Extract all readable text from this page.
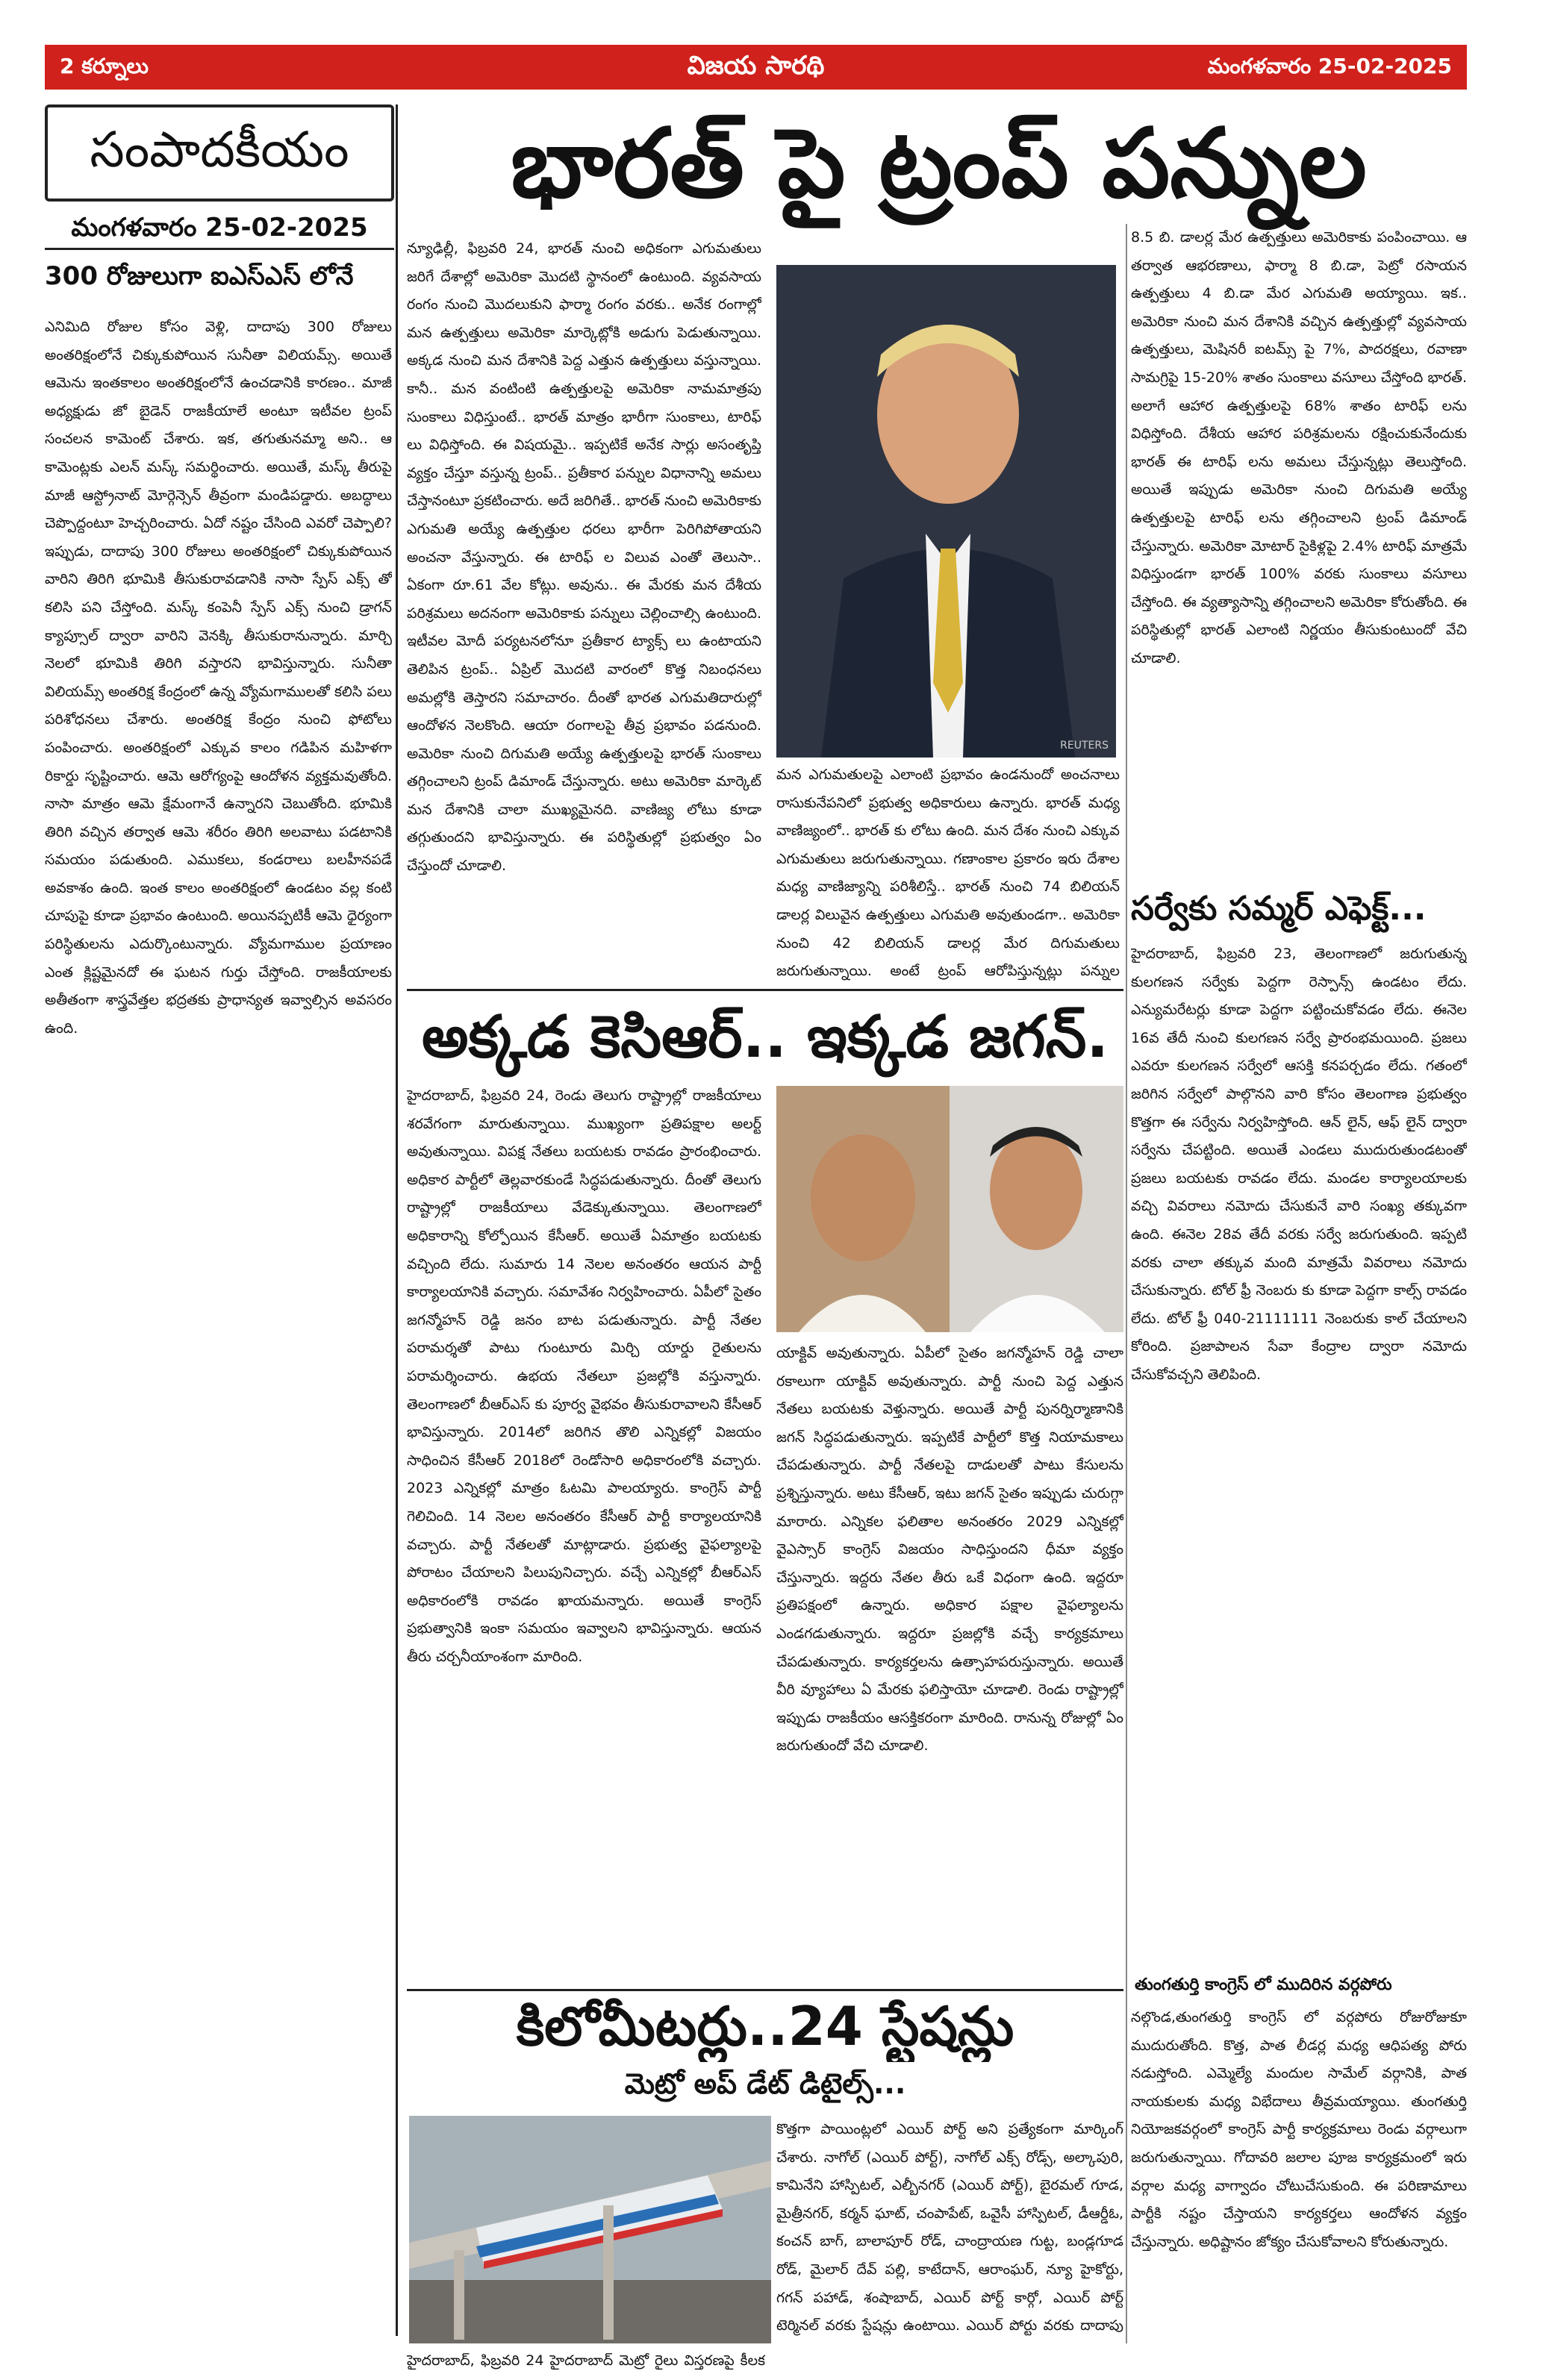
2 కర్నూలు	విజయ సారథి	మంగళవారం 25-02-2025
సంపాదకీయం
మంగళవారం 25-02-2025
300 రోజులుగా ఐఎస్ఎస్ లోనే
ఎనిమిది రోజుల కోసం వెళ్లి, దాదాపు 300 రోజులు అంతరిక్షంలోనే చిక్కుకుపోయిన సునీతా విలియమ్స్. అయితే ఆమెను ఇంతకాలం అంతరిక్షంలోనే ఉంచడానికి కారణం.. మాజీ అధ్యక్షుడు జో బైడెన్ రాజకీయాలే అంటూ ఇటీవల ట్రంప్ సంచలన కామెంట్ చేశారు. ఇక, తగుతునమ్మా అని.. ఆ కామెంట్లకు ఎలన్ మస్క్ సమర్థించారు. అయితే, మస్క్ తీరుపై మాజీ ఆస్ట్రోనాట్ మోర్గెన్సెన్ తీవ్రంగా మండిపడ్డారు. అబద్ధాలు చెప్పొద్దంటూ హెచ్చరించారు. ఏదో నష్టం చేసింది ఎవరో చెప్పాలి? ఇప్పుడు, దాదాపు 300 రోజులు అంతరిక్షంలో చిక్కుకుపోయిన వారిని తిరిగి భూమికి తీసుకురావడానికి నాసా స్పేస్ ఎక్స్ తో కలిసి పని చేస్తోంది. మస్క్ కంపెనీ స్పేస్ ఎక్స్ నుంచి డ్రాగన్ క్యాప్సూల్ ద్వారా వారిని వెనక్కి తీసుకురానున్నారు. మార్చి నెలలో భూమికి తిరిగి వస్తారని భావిస్తున్నారు. సునీతా విలియమ్స్ అంతరిక్ష కేంద్రంలో ఉన్న వ్యోమగాములతో కలిసి పలు పరిశోధనలు చేశారు. అంతరిక్ష కేంద్రం నుంచి ఫోటోలు పంపించారు. అంతరిక్షంలో ఎక్కువ కాలం గడిపిన మహిళగా రికార్డు సృష్టించారు. ఆమె ఆరోగ్యంపై ఆందోళన వ్యక్తమవుతోంది. నాసా మాత్రం ఆమె క్షేమంగానే ఉన్నారని చెబుతోంది. భూమికి తిరిగి వచ్చిన తర్వాత ఆమె శరీరం తిరిగి అలవాటు పడటానికి సమయం పడుతుంది. ఎముకలు, కండరాలు బలహీనపడే అవకాశం ఉంది. ఇంత కాలం అంతరిక్షంలో ఉండటం వల్ల కంటి చూపుపై కూడా ప్రభావం ఉంటుంది. అయినప్పటికీ ఆమె ధైర్యంగా పరిస్థితులను ఎదుర్కొంటున్నారు. వ్యోమగాముల ప్రయాణం ఎంత క్లిష్టమైనదో ఈ ఘటన గుర్తు చేస్తోంది. రాజకీయాలకు అతీతంగా శాస్త్రవేత్తల భద్రతకు ప్రాధాన్యత ఇవ్వాల్సిన అవసరం ఉంది.
భారత్ పై ట్రంప్ పన్నుల
న్యూఢిల్లీ, ఫిబ్రవరి 24, భారత్ నుంచి అధికంగా ఎగుమతులు జరిగే దేశాల్లో అమెరికా మొదటి స్థానంలో ఉంటుంది. వ్యవసాయ రంగం నుంచి మొదలుకుని ఫార్మా రంగం వరకు.. అనేక రంగాల్లో మన ఉత్పత్తులు అమెరికా మార్కెట్లోకి అడుగు పెడుతున్నాయి. అక్కడ నుంచి మన దేశానికి పెద్ద ఎత్తున ఉత్పత్తులు వస్తున్నాయి. కానీ.. మన వంటింటి ఉత్పత్తులపై అమెరికా నామమాత్రపు సుంకాలు విధిస్తుంటే.. భారత్ మాత్రం భారీగా సుంకాలు, టారిఫ్ లు విధిస్తోంది. ఈ విషయమై.. ఇప్పటికే అనేక సార్లు అసంతృప్తి వ్యక్తం చేస్తూ వస్తున్న ట్రంప్.. ప్రతీకార పన్నుల విధానాన్ని అమలు చేస్తానంటూ ప్రకటించారు. అదే జరిగితే.. భారత్ నుంచి అమెరికాకు ఎగుమతి అయ్యే ఉత్పత్తుల ధరలు భారీగా పెరిగిపోతాయని అంచనా వేస్తున్నారు. ఈ టారిఫ్ ల విలువ ఎంతో తెలుసా.. ఏకంగా రూ.61 వేల కోట్లు. అవును.. ఈ మేరకు మన దేశీయ పరిశ్రమలు అదనంగా అమెరికాకు పన్నులు చెల్లించాల్సి ఉంటుంది. ఇటీవల మోదీ పర్యటనలోనూ ప్రతీకార ట్యాక్స్ లు ఉంటాయని తెలిపిన ట్రంప్.. ఏప్రిల్ మొదటి వారంలో కొత్త నిబంధనలు అమల్లోకి తెస్తారని సమాచారం. దీంతో భారత ఎగుమతిదారుల్లో ఆందోళన నెలకొంది. ఆయా రంగాలపై తీవ్ర ప్రభావం పడనుంది. అమెరికా నుంచి దిగుమతి అయ్యే ఉత్పత్తులపై భారత్ సుంకాలు తగ్గించాలని ట్రంప్ డిమాండ్ చేస్తున్నారు. అటు అమెరికా మార్కెట్ మన దేశానికి చాలా ముఖ్యమైనది. వాణిజ్య లోటు కూడా తగ్గుతుందని భావిస్తున్నారు. ఈ పరిస్థితుల్లో ప్రభుత్వం ఏం చేస్తుందో చూడాలి.
REUTERS
మన ఎగుమతులపై ఎలాంటి ప్రభావం ఉండనుందో అంచనాలు రాసుకునేపనిలో ప్రభుత్వ అధికారులు ఉన్నారు. భారత్ మధ్య వాణిజ్యంలో.. భారత్ కు లోటు ఉంది. మన దేశం నుంచి ఎక్కువ ఎగుమతులు జరుగుతున్నాయి. గణాంకాల ప్రకారం ఇరు దేశాల మధ్య వాణిజ్యాన్ని పరిశీలిస్తే.. భారత్ నుంచి 74 బిలియన్ డాలర్ల విలువైన ఉత్పత్తులు ఎగుమతి అవుతుండగా.. అమెరికా నుంచి 42 బిలియన్ డాలర్ల మేర దిగుమతులు జరుగుతున్నాయి. అంటే ట్రంప్ ఆరోపిస్తున్నట్లు పన్నుల
8.5 బి. డాలర్ల మేర ఉత్పత్తులు అమెరికాకు పంపించాయి. ఆ తర్వాత ఆభరణాలు, ఫార్మా 8 బి.డా, పెట్రో రసాయన ఉత్పత్తులు 4 బి.డా మేర ఎగుమతి అయ్యాయి. ఇక.. అమెరికా నుంచి మన దేశానికి వచ్చిన ఉత్పత్తుల్లో వ్యవసాయ ఉత్పత్తులు, మెషినరీ ఐటమ్స్ పై 7%, పాదరక్షలు, రవాణా సామగ్రిపై 15-20% శాతం సుంకాలు వసూలు చేస్తోంది భారత్. అలాగే ఆహార ఉత్పత్తులపై 68% శాతం టారిఫ్ లను విధిస్తోంది. దేశీయ ఆహార పరిశ్రమలను రక్షించుకునేందుకు భారత్ ఈ టారిఫ్ లను అమలు చేస్తున్నట్లు తెలుస్తోంది. అయితే ఇప్పుడు అమెరికా నుంచి దిగుమతి అయ్యే ఉత్పత్తులపై టారిఫ్ లను తగ్గించాలని ట్రంప్ డిమాండ్ చేస్తున్నారు. అమెరికా మోటార్ సైకిళ్లపై 2.4% టారిఫ్ మాత్రమే విధిస్తుండగా భారత్ 100% వరకు సుంకాలు వసూలు చేస్తోంది. ఈ వ్యత్యాసాన్ని తగ్గించాలని అమెరికా కోరుతోంది. ఈ పరిస్థితుల్లో భారత్ ఎలాంటి నిర్ణయం తీసుకుంటుందో వేచి చూడాలి.
అక్కడ కెసిఆర్.. ఇక్కడ జగన్.
హైదరాబాద్, ఫిబ్రవరి 24, రెండు తెలుగు రాష్ట్రాల్లో రాజకీయాలు శరవేగంగా మారుతున్నాయి. ముఖ్యంగా ప్రతిపక్షాల అలర్ట్ అవుతున్నాయి. విపక్ష నేతలు బయటకు రావడం ప్రారంభించారు. అధికార పార్టీలో తెల్లవారకుండే సిద్ధపడుతున్నారు. దీంతో తెలుగు రాష్ట్రాల్లో రాజకీయాలు వేడెక్కుతున్నాయి. తెలంగాణలో అధికారాన్ని కోల్పోయిన కేసీఆర్. అయితే ఏమాత్రం బయటకు వచ్చింది లేదు. సుమారు 14 నెలల అనంతరం ఆయన పార్టీ కార్యాలయానికి వచ్చారు. సమావేశం నిర్వహించారు. ఏపీలో సైతం జగన్మోహన్ రెడ్డి జనం బాట పడుతున్నారు. పార్టీ నేతల పరామర్శతో పాటు గుంటూరు మిర్చి యార్డు రైతులను పరామర్శించారు. ఉభయ నేతలూ ప్రజల్లోకి వస్తున్నారు. తెలంగాణలో బీఆర్ఎస్ కు పూర్వ వైభవం తీసుకురావాలని కేసీఆర్ భావిస్తున్నారు. 2014లో జరిగిన తొలి ఎన్నికల్లో విజయం సాధించిన కేసీఆర్ 2018లో రెండోసారి అధికారంలోకి వచ్చారు. 2023 ఎన్నికల్లో మాత్రం ఓటమి పాలయ్యారు. కాంగ్రెస్ పార్టీ గెలిచింది. 14 నెలల అనంతరం కేసీఆర్ పార్టీ కార్యాలయానికి వచ్చారు. పార్టీ నేతలతో మాట్లాడారు. ప్రభుత్వ వైఫల్యాలపై పోరాటం చేయాలని పిలుపునిచ్చారు. వచ్చే ఎన్నికల్లో బీఆర్ఎస్ అధికారంలోకి రావడం ఖాయమన్నారు. అయితే కాంగ్రెస్ ప్రభుత్వానికి ఇంకా సమయం ఇవ్వాలని భావిస్తున్నారు. ఆయన తీరు చర్చనీయాంశంగా మారింది.
యాక్టివ్ అవుతున్నారు. ఏపీలో సైతం జగన్మోహన్ రెడ్డి చాలా రకాలుగా యాక్టివ్ అవుతున్నారు. పార్టీ నుంచి పెద్ద ఎత్తున నేతలు బయటకు వెళ్తున్నారు. అయితే పార్టీ పునర్నిర్మాణానికి జగన్ సిద్ధపడుతున్నారు. ఇప్పటికే పార్టీలో కొత్త నియామకాలు చేపడుతున్నారు. పార్టీ నేతలపై దాడులతో పాటు కేసులను ప్రశ్నిస్తున్నారు. అటు కేసీఆర్, ఇటు జగన్ సైతం ఇప్పుడు చురుగ్గా మారారు. ఎన్నికల ఫలితాల అనంతరం 2029 ఎన్నికల్లో వైఎస్సార్ కాంగ్రెస్ విజయం సాధిస్తుందని ధీమా వ్యక్తం చేస్తున్నారు. ఇద్దరు నేతల తీరు ఒకే విధంగా ఉంది. ఇద్దరూ ప్రతిపక్షంలో ఉన్నారు. అధికార పక్షాల వైఫల్యాలను ఎండగడుతున్నారు. ఇద్దరూ ప్రజల్లోకి వచ్చే కార్యక్రమాలు చేపడుతున్నారు. కార్యకర్తలను ఉత్సాహపరుస్తున్నారు. అయితే వీరి వ్యూహాలు ఏ మేరకు ఫలిస్తాయో చూడాలి. రెండు రాష్ట్రాల్లో ఇప్పుడు రాజకీయం ఆసక్తికరంగా మారింది. రానున్న రోజుల్లో ఏం జరుగుతుందో వేచి చూడాలి.
సర్వేకు సమ్మర్ ఎఫెక్ట్...
హైదరాబాద్, ఫిబ్రవరి 23, తెలంగాణలో జరుగుతున్న కులగణన సర్వేకు పెద్దగా రెస్పాన్స్ ఉండటం లేదు. ఎన్యుమరేటర్లు కూడా పెద్దగా పట్టించుకోవడం లేదు. ఈనెల 16వ తేదీ నుంచి కులగణన సర్వే ప్రారంభమయింది. ప్రజలు ఎవరూ కులగణన సర్వేలో ఆసక్తి కనపర్చడం లేదు. గతంలో జరిగిన సర్వేలో పాల్గొనని వారి కోసం తెలంగాణ ప్రభుత్వం కొత్తగా ఈ సర్వేను నిర్వహిస్తోంది. ఆన్ లైన్, ఆఫ్ లైన్ ద్వారా సర్వేను చేపట్టింది. అయితే ఎండలు ముదురుతుండటంతో ప్రజలు బయటకు రావడం లేదు. మండల కార్యాలయాలకు వచ్చి వివరాలు నమోదు చేసుకునే వారి సంఖ్య తక్కువగా ఉంది. ఈనెల 28వ తేదీ వరకు సర్వే జరుగుతుంది. ఇప్పటి వరకు చాలా తక్కువ మంది మాత్రమే వివరాలు నమోదు చేసుకున్నారు. టోల్ ఫ్రీ నెంబరు కు కూడా పెద్దగా కాల్స్ రావడం లేదు. టోల్ ఫ్రీ 040-21111111 నెంబరుకు కాల్ చేయాలని కోరింది. ప్రజాపాలన సేవా కేంద్రాల ద్వారా నమోదు చేసుకోవచ్చని తెలిపింది.
తుంగతుర్తి కాంగ్రెస్ లో ముదిరిన వర్గపోరు
నల్గొండ,తుంగతుర్తి కాంగ్రెస్ లో వర్గపోరు రోజురోజుకూ ముదురుతోంది. కొత్త, పాత లీడర్ల మధ్య ఆధిపత్య పోరు నడుస్తోంది. ఎమ్మెల్యే మందుల సామేల్ వర్గానికి, పాత నాయకులకు మధ్య విభేదాలు తీవ్రమయ్యాయి. తుంగతుర్తి నియోజకవర్గంలో కాంగ్రెస్ పార్టీ కార్యక్రమాలు రెండు వర్గాలుగా జరుగుతున్నాయి. గోదావరి జలాల పూజ కార్యక్రమంలో ఇరు వర్గాల మధ్య వాగ్వాదం చోటుచేసుకుంది. ఈ పరిణామాలు పార్టీకి నష్టం చేస్తాయని కార్యకర్తలు ఆందోళన వ్యక్తం చేస్తున్నారు. అధిష్టానం జోక్యం చేసుకోవాలని కోరుతున్నారు.
కిలోమీటర్లు..24 స్టేషన్లు
మెట్రో అప్ డేట్ డిటైల్స్...
హైదరాబాద్, ఫిబ్రవరి 24 హైదరాబాద్ మెట్రో రైలు విస్తరణపై కీలక
కొత్తగా పాయింట్లలో ఎయిర్ పోర్ట్ అని ప్రత్యేకంగా మార్కింగ్ చేశారు. నాగోల్ (ఎయిర్ పోర్ట్), నాగోల్ ఎక్స్ రోడ్స్, అల్కాపురి, కామినేని హాస్పిటల్, ఎల్బీనగర్ (ఎయిర్ పోర్ట్), బైరమల్ గూడ, మైత్రీనగర్, కర్మన్ ఘాట్, చంపాపేట్, ఒవైసీ హాస్పిటల్, డీఆర్డీఓ, కంచన్ బాగ్, బాలాపూర్ రోడ్, చాంద్రాయణ గుట్ట, బండ్లగూడ రోడ్, మైలార్ దేవ్ పల్లి, కాటేదాన్, ఆరాంఘర్, న్యూ హైకోర్టు, గగన్ పహాడ్, శంషాబాద్, ఎయిర్ పోర్ట్ కార్గో, ఎయిర్ పోర్ట్ టెర్మినల్ వరకు స్టేషన్లు ఉంటాయి. ఎయిర్ పోర్టు వరకు దాదాపు
